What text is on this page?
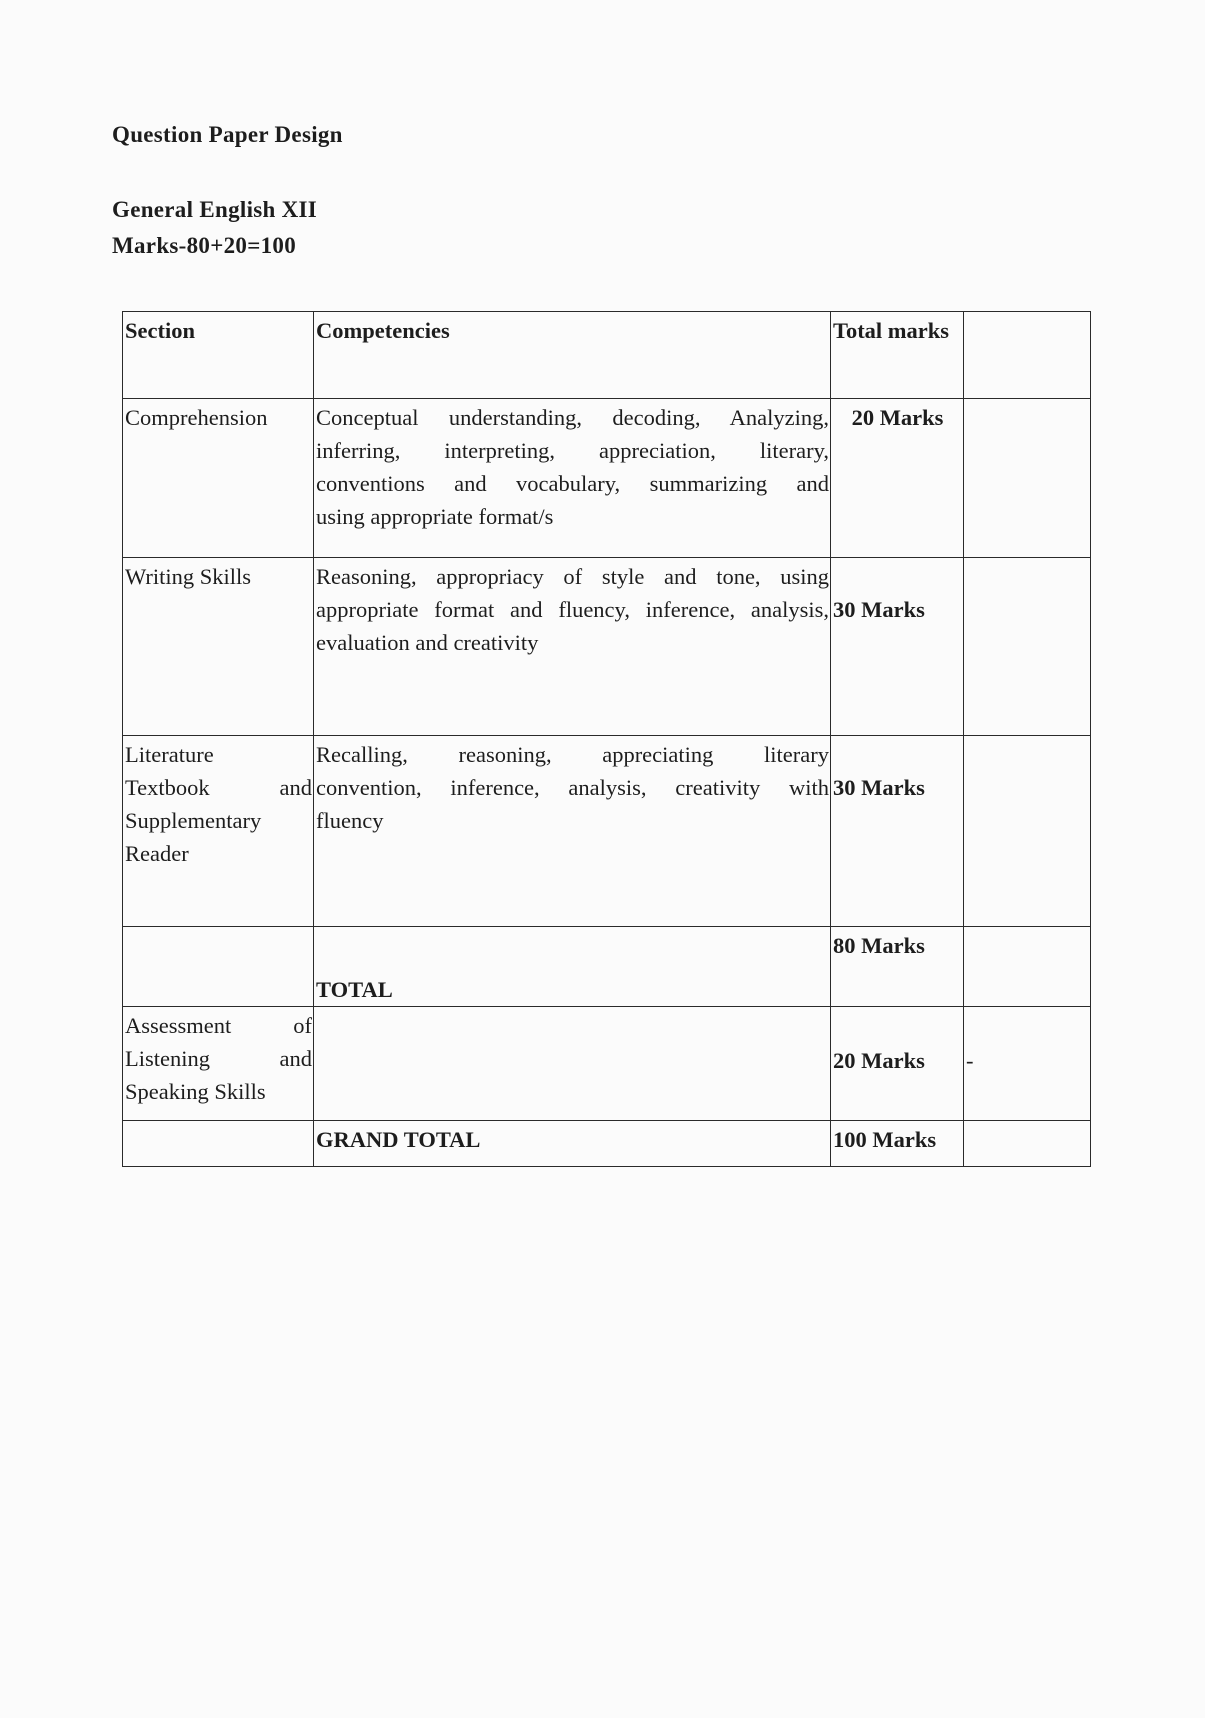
Question Paper Design
General English XII
Marks-80+20=100
Section	Competencies	Total marks	

Comprehension	Conceptual understanding, decoding, Analyzing,
inferring, interpreting, appreciation, literary,
conventions and vocabulary, summarizing and
using appropriate format/s	20 Marks	

Writing Skills	Reasoning, appropriacy of style and tone, using
appropriate format and fluency, inference, analysis,
evaluation and creativity	30 Marks	

Literature
Textbook and
Supplementary
Reader	Recalling, reasoning, appreciating literary
convention, inference, analysis, creativity with
fluency	30 Marks	
	TOTAL	80 Marks	

Assessment of
Listening and
Speaking Skills		20 Marks	-
	GRAND TOTAL	100 Marks	
